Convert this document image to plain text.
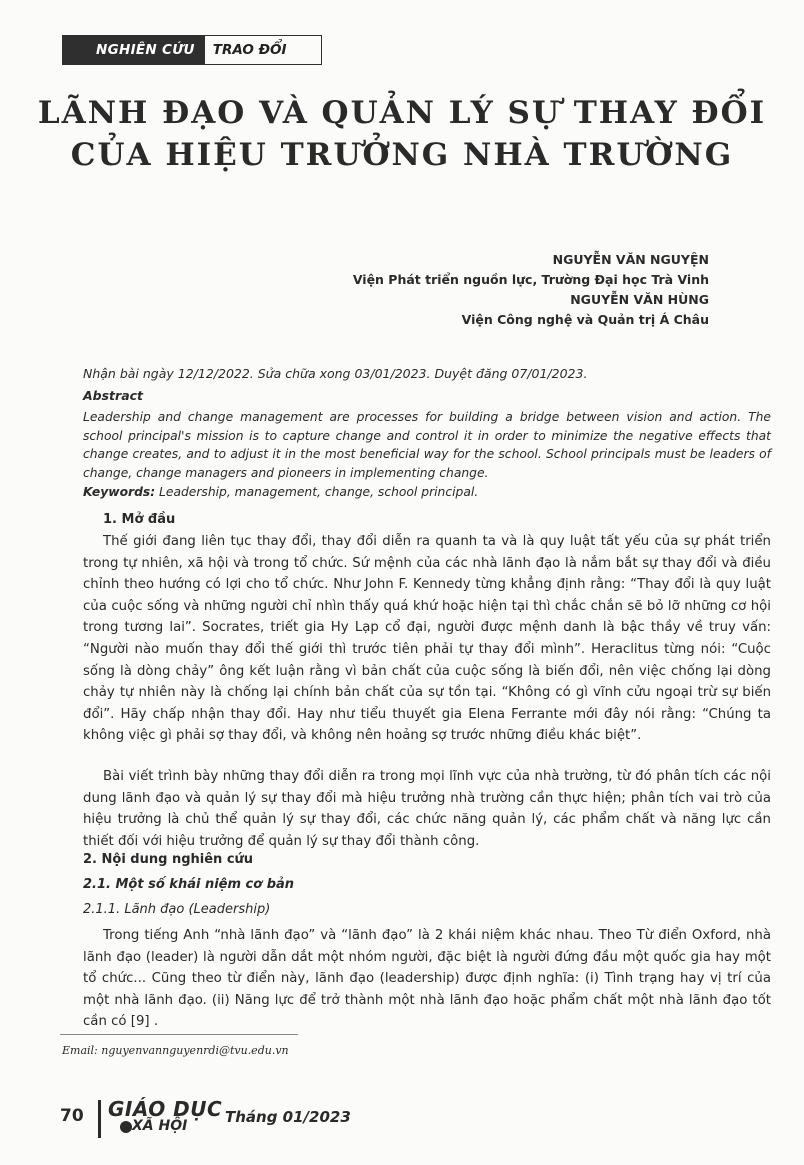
NGHIÊN CỨU	TRAO ĐỔI
LÃNH ĐẠO VÀ QUẢN LÝ SỰ THAY ĐỔI
CỦA HIỆU TRƯỞNG NHÀ TRƯỜNG
NGUYỄN VĂN NGUYỆN
Viện Phát triển nguồn lực, Trường Đại học Trà Vinh
NGUYỄN VĂN HÙNG
Viện Công nghệ và Quản trị Á Châu
Nhận bài ngày 12/12/2022. Sửa chữa xong 03/01/2023. Duyệt đăng 07/01/2023.
Abstract
Leadership and change management are processes for building a bridge between vision and action. The school principal's mission is to capture change and control it in order to minimize the negative effects that change creates, and to adjust it in the most beneficial way for the school. School principals must be leaders of change, change managers and pioneers in implementing change.
Keywords: Leadership, management, change, school principal.
1. Mở đầu
Thế giới đang liên tục thay đổi, thay đổi diễn ra quanh ta và là quy luật tất yếu của sự phát triển trong tự nhiên, xã hội và trong tổ chức. Sứ mệnh của các nhà lãnh đạo là nắm bắt sự thay đổi và điều chỉnh theo hướng có lợi cho tổ chức. Như John F. Kennedy từng khẳng định rằng: “Thay đổi là quy luật của cuộc sống và những người chỉ nhìn thấy quá khứ hoặc hiện tại thì chắc chắn sẽ bỏ lỡ những cơ hội trong tương lai”. Socrates, triết gia Hy Lạp cổ đại, người được mệnh danh là bậc thầy về truy vấn: “Người nào muốn thay đổi thế giới thì trước tiên phải tự thay đổi mình”. Heraclitus từng nói: “Cuộc sống là dòng chảy” ông kết luận rằng vì bản chất của cuộc sống là biến đổi, nên việc chống lại dòng chảy tự nhiên này là chống lại chính bản chất của sự tồn tại. “Không có gì vĩnh cửu ngoại trừ sự biến đổi”. Hãy chấp nhận thay đổi. Hay như tiểu thuyết gia Elena Ferrante mới đây nói rằng: “Chúng ta không việc gì phải sợ thay đổi, và không nên hoảng sợ trước những điều khác biệt”.
Bài viết trình bày những thay đổi diễn ra trong mọi lĩnh vực của nhà trường, từ đó phân tích các nội dung lãnh đạo và quản lý sự thay đổi mà hiệu trưởng nhà trường cần thực hiện; phân tích vai trò của hiệu trưởng là chủ thể quản lý sự thay đổi, các chức năng quản lý, các phẩm chất và năng lực cần thiết đối với hiệu trưởng để quản lý sự thay đổi thành công.
2. Nội dung nghiên cứu
2.1. Một số khái niệm cơ bản
2.1.1. Lãnh đạo (Leadership)
Trong tiếng Anh “nhà lãnh đạo” và “lãnh đạo” là 2 khái niệm khác nhau. Theo Từ điển Oxford, nhà lãnh đạo (leader) là người dẫn dắt một nhóm người, đặc biệt là người đứng đầu một quốc gia hay một tổ chức... Cũng theo từ điển này, lãnh đạo (leadership) được định nghĩa: (i) Tình trạng hay vị trí của một nhà lãnh đạo. (ii) Năng lực để trở thành một nhà lãnh đạo hoặc phẩm chất một nhà lãnh đạo tốt cần có [9] .
Email: nguyenvannguyenrdi@tvu.edu.vn
70 GIÁO DỤC
XÃ HỘI	Tháng 01/2023
